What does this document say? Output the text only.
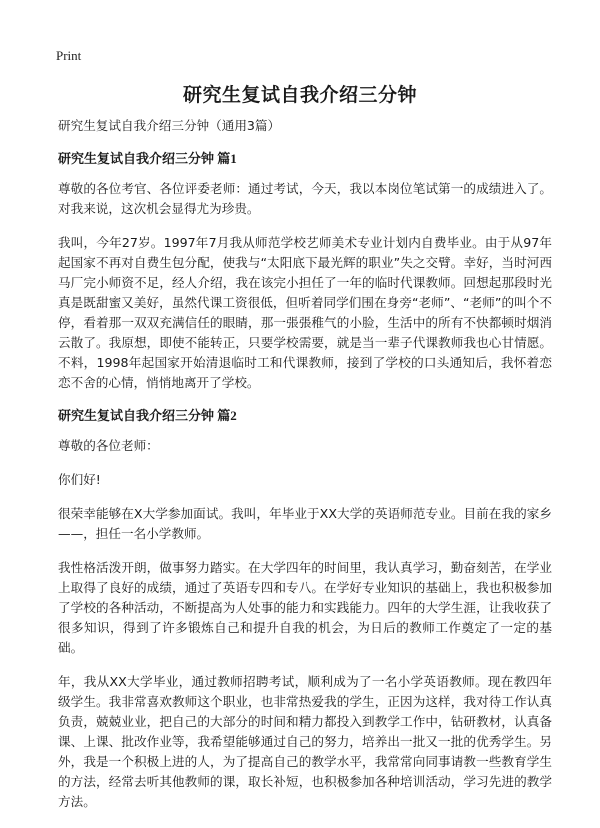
Print
研究生复试自我介绍三分钟

研究生复试自我介绍三分钟（通用3篇）

研究生复试自我介绍三分钟 篇1

尊敬的各位考官、各位评委老师：通过考试，今天，我以本岗位笔试第一的成绩进入了。对我来说，这次机会显得尤为珍贵。

我叫，今年27岁。1997年7月我从师范学校艺师美术专业计划内自费毕业。由于从97年起国家不再对自费生包分配，使我与“太阳底下最光辉的职业”失之交臂。幸好，当时河西马厂完小师资不足，经人介绍，我在该完小担任了一年的临时代课教师。回想起那段时光真是既甜蜜又美好，虽然代课工资很低，但听着同学们围在身旁“老师”、“老师”的叫个不停，看着那一双双充满信任的眼睛，那一張張稚气的小脸，生活中的所有不快都顿时烟消云散了。我原想，即使不能转正，只要学校需要，就是当一辈子代课教师我也心甘情愿。不料，1998年起国家开始清退临时工和代课教师，接到了学校的口头通知后，我怀着恋恋不舍的心情，悄悄地离开了学校。

研究生复试自我介绍三分钟 篇2

尊敬的各位老师：

你们好!

很荣幸能够在X大学参加面试。我叫，年毕业于XX大学的英语师范专业。目前在我的家乡——，担任一名小学教师。

我性格活泼开朗，做事努力踏实。在大学四年的时间里，我认真学习，勤奋刻苦，在学业上取得了良好的成绩，通过了英语专四和专八。在学好专业知识的基础上，我也积极参加了学校的各种活动，不断提高为人处事的能力和实践能力。四年的大学生涯，让我收获了很多知识，得到了许多锻炼自己和提升自我的机会，为日后的教师工作奠定了一定的基础。

年，我从XX大学毕业，通过教师招聘考试，顺利成为了一名小学英语教师。现在教四年级学生。我非常喜欢教师这个职业，也非常热爱我的学生，正因为这样，我对待工作认真负责，兢兢业业，把自己的大部分的时间和精力都投入到教学工作中，钻研教材，认真备课、上课、批改作业等，我希望能够通过自己的努力，培养出一批又一批的优秀学生。另外，我是一个积极上进的人，为了提高自己的教学水平，我常常向同事请教一些教育学生的方法，经常去听其他教师的课，取长补短，也积极参加各种培训活动，学习先进的教学方法。
